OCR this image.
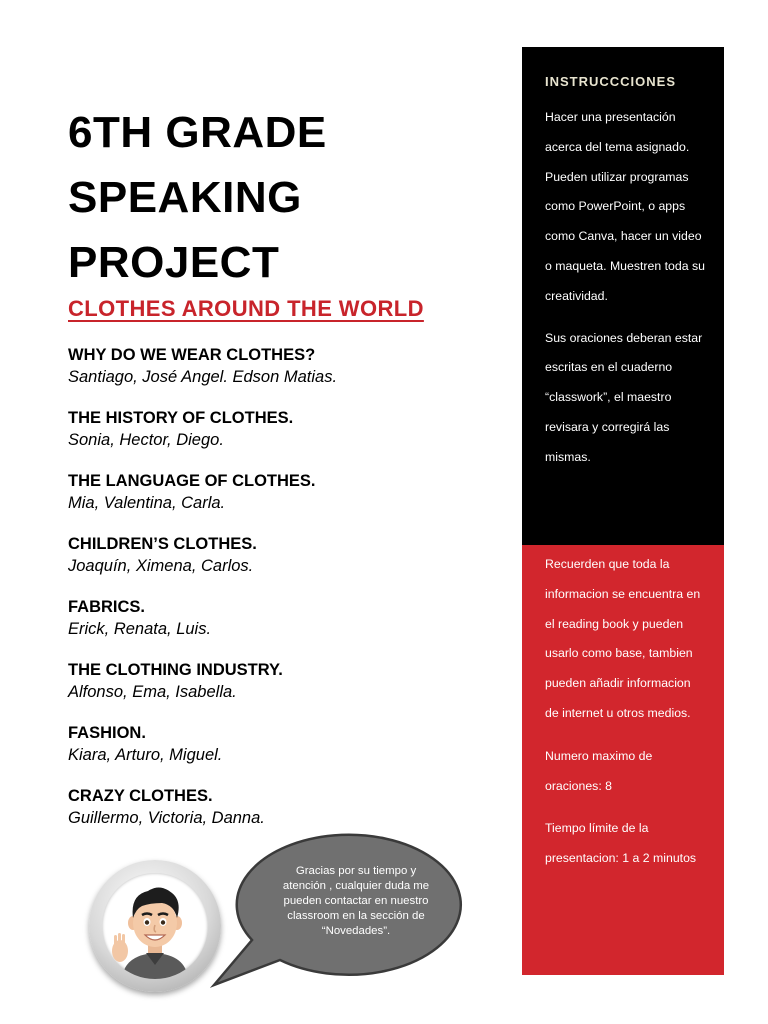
6TH GRADE
SPEAKING
PROJECT
CLOTHES AROUND THE WORLD
WHY DO WE WEAR CLOTHES?
Santiago, José Angel. Edson Matias.
THE HISTORY OF CLOTHES.
Sonia, Hector, Diego.
THE LANGUAGE OF CLOTHES.
Mia, Valentina, Carla.
CHILDREN’S CLOTHES.
Joaquín, Ximena, Carlos.
FABRICS.
Erick, Renata, Luis.
THE CLOTHING INDUSTRY.
Alfonso, Ema, Isabella.
FASHION.
Kiara, Arturo, Miguel.
CRAZY CLOTHES.
Guillermo, Victoria, Danna.
INSTRUCCCIONES

Hacer una presentación acerca del tema asignado. Pueden utilizar programas como PowerPoint, o apps como Canva, hacer un video o maqueta. Muestren toda su creatividad.

Sus oraciones deberan estar escritas en el cuaderno “classwork”, el maestro revisara y corregirá las mismas.

Recuerden que toda la informacion se encuentra en el reading book y pueden usarlo como base, tambien pueden añadir informacion de internet u otros medios.

Numero maximo de oraciones: 8

Tiempo límite de la presentacion: 1 a 2 minutos

Gracias por su tiempo y atención , cualquier duda me pueden contactar en nuestro classroom en la sección de “Novedades”.
